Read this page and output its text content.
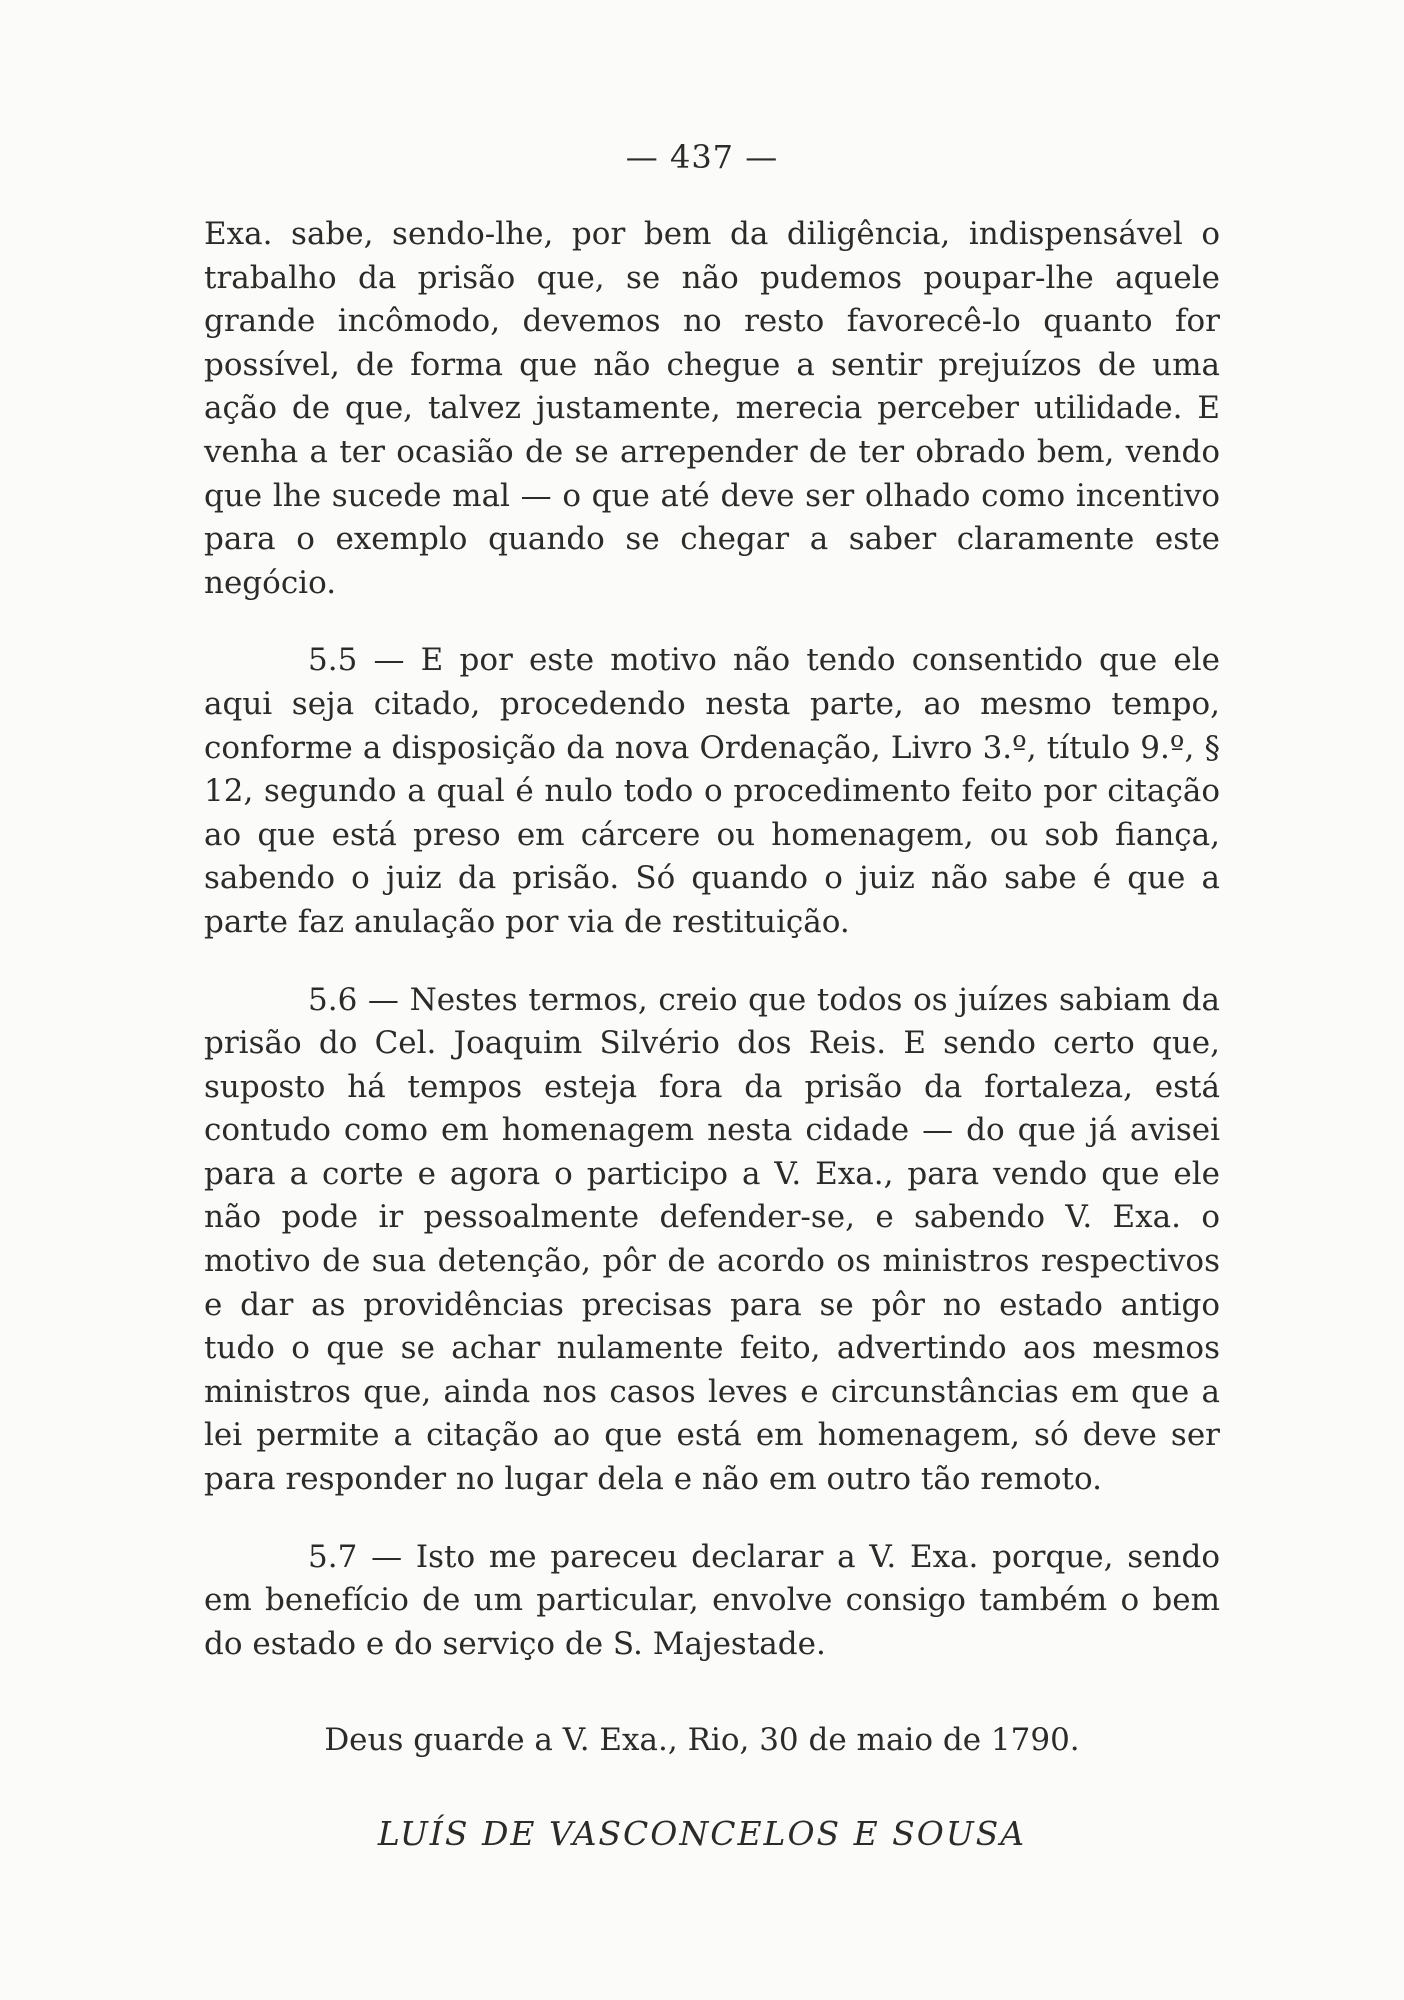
— 437 —

Exa. sabe, sendo-lhe, por bem da diligência, indispensável o trabalho da prisão que, se não pudemos poupar-lhe aquele grande incômodo, devemos no resto favorecê-lo quanto for possível, de forma que não chegue a sentir prejuízos de uma ação de que, talvez justamente, merecia perceber utilidade. E venha a ter ocasião de se arrepender de ter obrado bem, vendo que lhe sucede mal — o que até deve ser olhado como incentivo para o exemplo quando se chegar a saber claramente este negócio.

5.5 — E por este motivo não tendo consentido que ele aqui seja citado, procedendo nesta parte, ao mesmo tempo, conforme a disposição da nova Ordenação, Livro 3.º, título 9.º, § 12, segundo a qual é nulo todo o procedimento feito por citação ao que está preso em cárcere ou homenagem, ou sob fiança, sabendo o juiz da prisão. Só quando o juiz não sabe é que a parte faz anulação por via de restituição.

5.6 — Nestes termos, creio que todos os juízes sabiam da prisão do Cel. Joaquim Silvério dos Reis. E sendo certo que, suposto há tempos esteja fora da prisão da fortaleza, está contudo como em homenagem nesta cidade — do que já avisei para a corte e agora o participo a V. Exa., para vendo que ele não pode ir pessoalmente defender-se, e sabendo V. Exa. o motivo de sua detenção, pôr de acordo os ministros respectivos e dar as providências precisas para se pôr no estado antigo tudo o que se achar nulamente feito, advertindo aos mesmos ministros que, ainda nos casos leves e circunstâncias em que a lei permite a citação ao que está em homenagem, só deve ser para responder no lugar dela e não em outro tão remoto.

5.7 — Isto me pareceu declarar a V. Exa. porque, sendo em benefício de um particular, envolve consigo também o bem do estado e do serviço de S. Majestade.

Deus guarde a V. Exa., Rio, 30 de maio de 1790.
LUÍS DE VASCONCELOS E SOUSA
